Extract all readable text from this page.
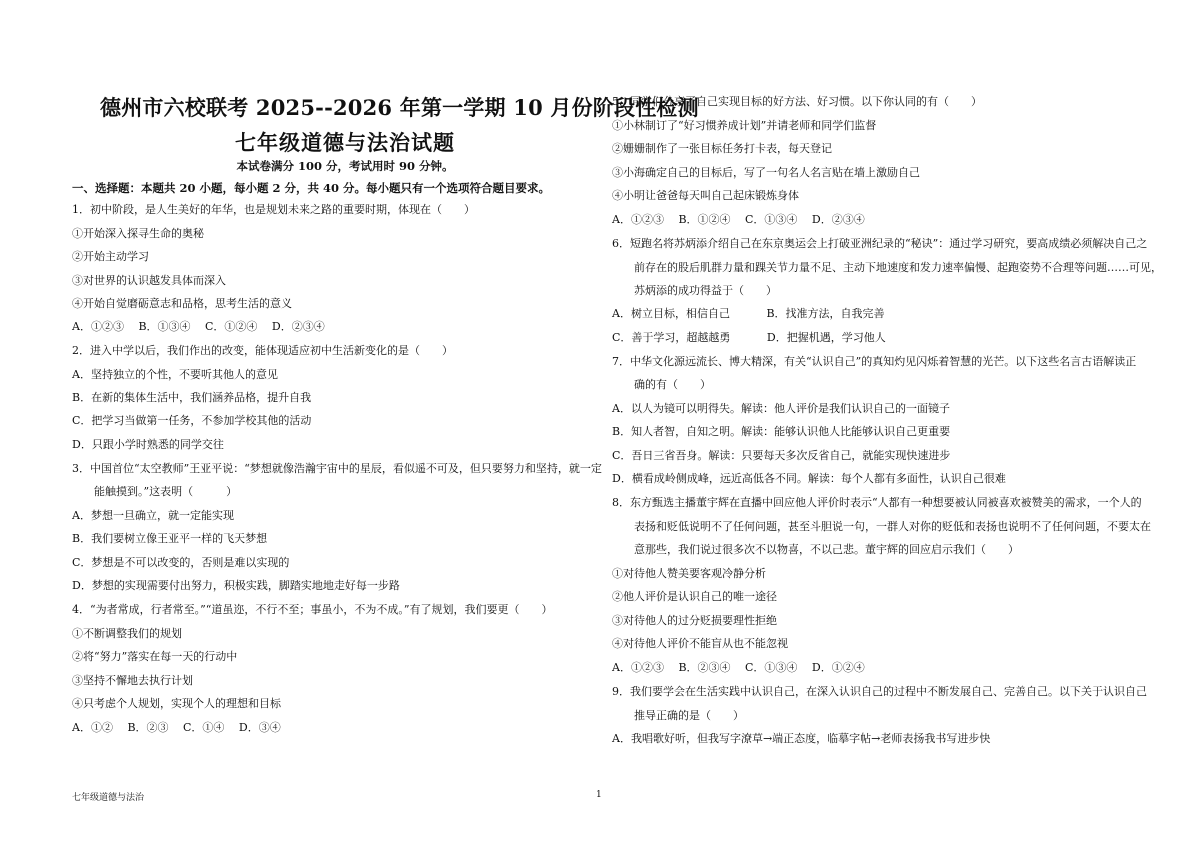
德州市六校联考 2025--2026 年第一学期 10 月份阶段性检测
七年级道德与法治试题
本试卷满分 100 分，考试用时 90 分钟。
一、选择题：本题共 20 小题，每小题 2 分，共 40 分。每小题只有一个选项符合题目要求。
1．初中阶段，是人生美好的年华，也是规划未来之路的重要时期，体现在（　　）
①开始深入探寻生命的奥秘
②开始主动学习
③对世界的认识越发具体而深入
④开始自觉磨砺意志和品格，思考生活的意义
A．①②③　 B．①③④　 C．①②④　 D．②③④
2．进入中学以后，我们作出的改变，能体现适应初中生活新变化的是（　　）
A．坚持独立的个性，不要听其他人的意见
B．在新的集体生活中，我们涵养品格，提升自我
C．把学习当做第一任务，不参加学校其他的活动
D．只跟小学时熟悉的同学交往
3．中国首位“太空教师”王亚平说：“梦想就像浩瀚宇宙中的星辰，看似遥不可及，但只要努力和坚持，就一定
　　能触摸到。”这表明（　　　）
A．梦想一旦确立，就一定能实现
B．我们要树立像王亚平一样的飞天梦想
C．梦想是不可以改变的，否则是难以实现的
D．梦想的实现需要付出努力，积极实践，脚踏实地地走好每一步路
4．“为者常成，行者常至。”“道虽迩，不行不至；事虽小，不为不成。”有了规划，我们要更（　　）
①不断调整我们的规划
②将“努力”落实在每一天的行动中
③坚持不懈地去执行计划
④只考虑个人规划，实现个人的理想和目标
A．①②　 B．②③　 C．①④　 D．③④
5．同学们分享了自己实现目标的好方法、好习惯。以下你认同的有（　　）
①小林制订了“好习惯养成计划”并请老师和同学们监督
②姗姗制作了一张目标任务打卡表，每天登记
③小海确定自己的目标后，写了一句名人名言贴在墙上激励自己
④小明让爸爸每天叫自己起床锻炼身体
A．①②③　 B．①②④　 C．①③④　 D．②③④
6．短跑名将苏炳添介绍自己在东京奥运会上打破亚洲纪录的“秘诀”：通过学习研究，要高成绩必须解决自己之
　　前存在的股后肌群力量和踝关节力量不足、主动下地速度和发力速率偏慢、起跑姿势不合理等问题……可见，
　　苏炳添的成功得益于（　　）
A．树立目标，相信自己　　　 B．找准方法，自我完善
C．善于学习，超越越勇　　　 D．把握机遇，学习他人
7．中华文化源远流长、博大精深，有关“认识自己”的真知灼见闪烁着智慧的光芒。以下这些名言古语解读正
　　确的有（　　）
A．以人为镜可以明得失。解读：他人评价是我们认识自己的一面镜子
B．知人者智，自知之明。解读：能够认识他人比能够认识自己更重要
C．吾日三省吾身。解读：只要每天多次反省自己，就能实现快速进步
D．横看成岭侧成峰，远近高低各不同。解读：每个人都有多面性，认识自己很难
8．东方甄选主播董宇辉在直播中回应他人评价时表示“人都有一种想要被认同被喜欢被赞美的需求，一个人的
　　表扬和贬低说明不了任何问题，甚至斗胆说一句，一群人对你的贬低和表扬也说明不了任何问题，不要太在
　　意那些，我们说过很多次不以物喜，不以己悲。董宇辉的回应启示我们（　　）
①对待他人赞美要客观冷静分析
②他人评价是认识自己的唯一途径
③对待他人的过分贬损要理性拒绝
④对待他人评价不能盲从也不能忽视
A．①②③　 B．②③④　 C．①③④　 D．①②④
9．我们要学会在生活实践中认识自己，在深入认识自己的过程中不断发展自己、完善自己。以下关于认识自己
　　推导正确的是（　　）
A．我唱歌好听，但我写字潦草→端正态度，临摹字帖→老师表扬我书写进步快
七年级道德与法治	1
